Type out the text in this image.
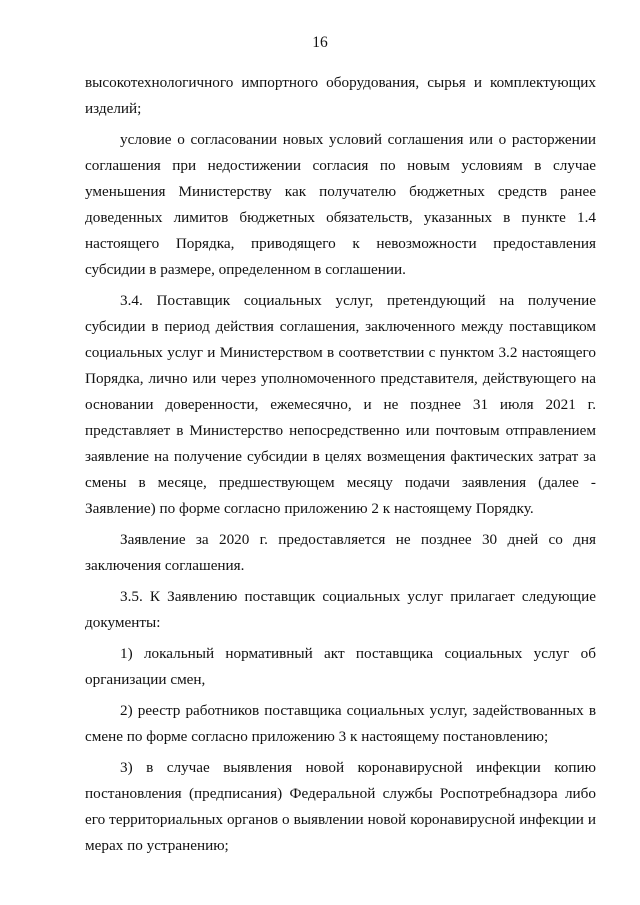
16

высокотехнологичного импортного оборудования, сырья и комплектующих изделий;

условие о согласовании новых условий соглашения или о расторжении соглашения при недостижении согласия по новым условиям в случае уменьшения Министерству как получателю бюджетных средств ранее доведенных лимитов бюджетных обязательств, указанных в пункте 1.4 настоящего Порядка, приводящего к невозможности предоставления субсидии в размере, определенном в соглашении.

3.4. Поставщик социальных услуг, претендующий на получение субсидии в период действия соглашения, заключенного между поставщиком социальных услуг и Министерством в соответствии с пунктом 3.2 настоящего Порядка, лично или через уполномоченного представителя, действующего на основании доверенности, ежемесячно, и не позднее 31 июля 2021 г. представляет в Министерство непосредственно или почтовым отправлением заявление на получение субсидии в целях возмещения фактических затрат за смены в месяце, предшествующем месяцу подачи заявления (далее - Заявление) по форме согласно приложению 2 к настоящему Порядку.

Заявление за 2020 г. предоставляется не позднее 30 дней со дня заключения соглашения.

3.5. К Заявлению поставщик социальных услуг прилагает следующие документы:

1) локальный нормативный акт поставщика социальных услуг об организации смен,

2) реестр работников поставщика социальных услуг, задействованных в смене по форме согласно приложению 3 к настоящему постановлению;

3) в случае выявления новой коронавирусной инфекции копию постановления (предписания) Федеральной службы Роспотребнадзора либо его территориальных органов о выявлении новой коронавирусной инфекции и мерах по устранению;
